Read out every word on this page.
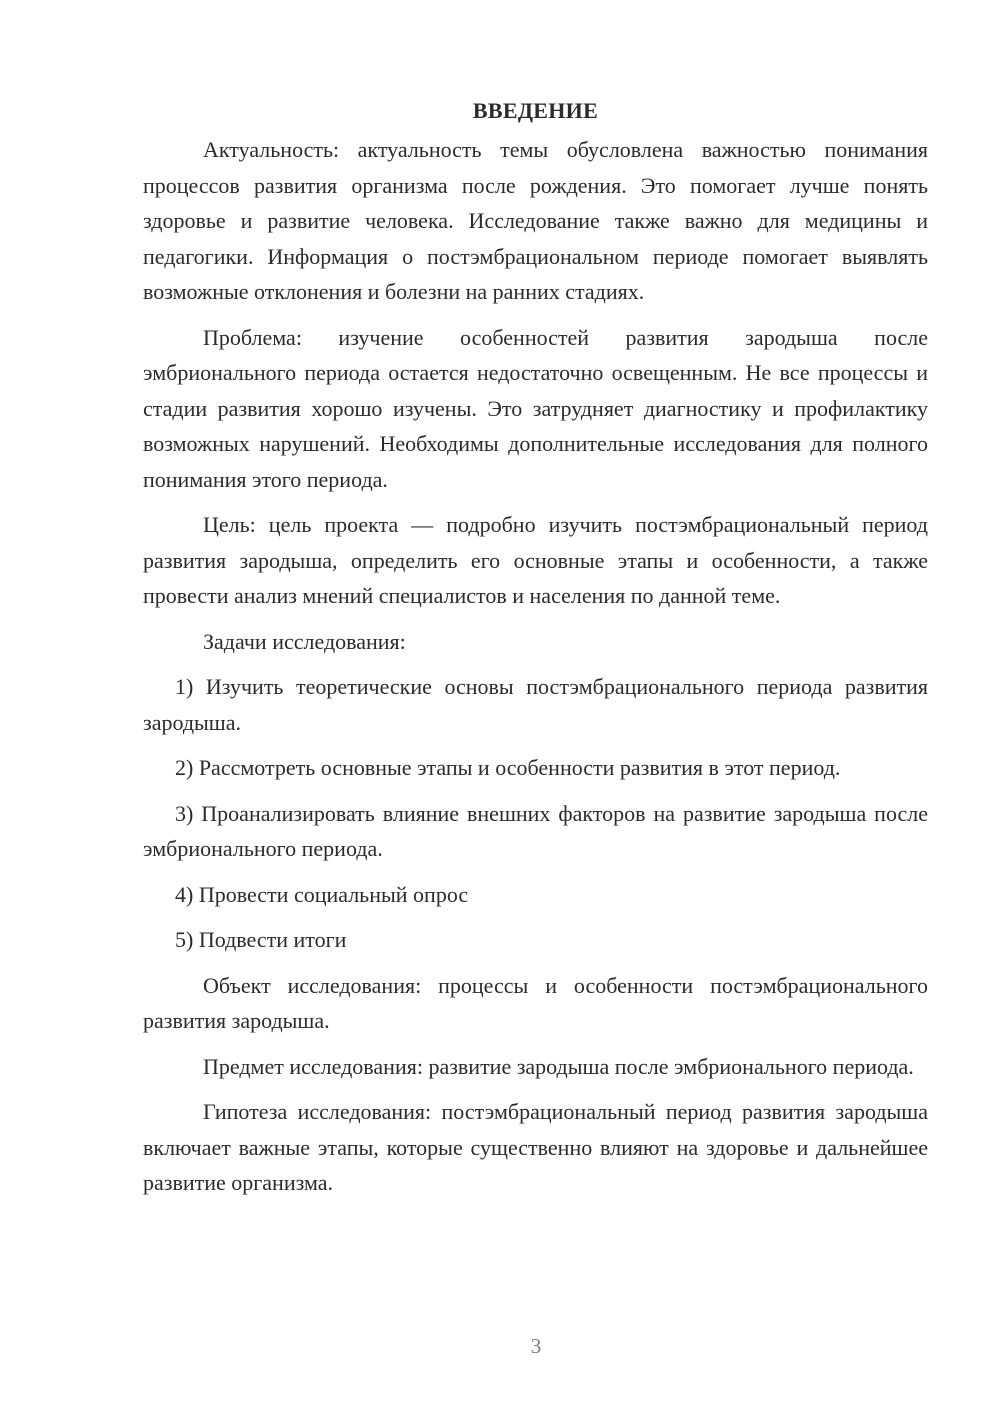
ВВЕДЕНИЕ

Актуальность: актуальность темы обусловлена важностью понимания процессов развития организма после рождения. Это помогает лучше понять здоровье и развитие человека. Исследование также важно для медицины и педагогики. Информация о постэмбрациональном периоде помогает выявлять возможные отклонения и болезни на ранних стадиях.

Проблема: изучение особенностей развития зародыша после эмбрионального периода остается недостаточно освещенным. Не все процессы и стадии развития хорошо изучены. Это затрудняет диагностику и профилактику возможных нарушений. Необходимы дополнительные исследования для полного понимания этого периода.

Цель: цель проекта — подробно изучить постэмбрациональный период развития зародыша, определить его основные этапы и особенности, а также провести анализ мнений специалистов и населения по данной теме.

Задачи исследования:

1) Изучить теоретические основы постэмбрационального периода развития зародыша.

2) Рассмотреть основные этапы и особенности развития в этот период.

3) Проанализировать влияние внешних факторов на развитие зародыша после эмбрионального периода.

4) Провести социальный опрос

5) Подвести итоги

Объект исследования: процессы и особенности постэмбрационального развития зародыша.

Предмет исследования: развитие зародыша после эмбрионального периода.

Гипотеза исследования: постэмбрациональный период развития зародыша включает важные этапы, которые существенно влияют на здоровье и дальнейшее развитие организма.

3
